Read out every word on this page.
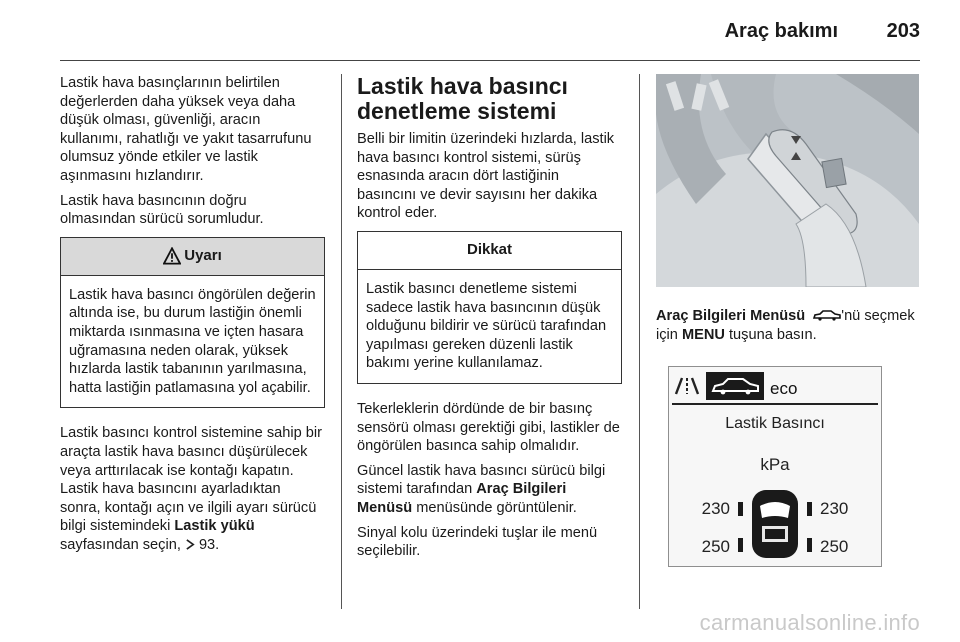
Araç bakımı 203

Lastik hava basınçlarının belirtilen değerlerden daha yüksek veya daha düşük olması, güvenliği, aracın kullanımı, rahatlığı ve yakıt tasarrufunu olumsuz yönde etkiler ve lastik aşınmasını hızlandırır.

Lastik hava basıncının doğru olmasından sürücü sorumludur.

Uyarı
Lastik hava basıncı öngörülen değerin altında ise, bu durum lastiğin önemli miktarda ısınmasına ve içten hasara uğramasına neden olarak, yüksek hızlarda lastik tabanının yarılmasına, hatta lastiğin patlamasına yol açabilir.

Lastik basıncı kontrol sistemine sahip bir araçta lastik hava basıncı düşürülecek veya arttırılacak ise kontağı kapatın. Lastik hava basıncını ayarladıktan sonra, kontağı açın ve ilgili ayarı sürücü bilgi sistemindeki Lastik yükü sayfasından seçin, 93.

Lastik hava basıncı denetleme sistemi

Belli bir limitin üzerindeki hızlarda, lastik hava basıncı kontrol sistemi, sürüş esnasında aracın dört lastiğinin basıncını ve devir sayısını her dakika kontrol eder.

Dikkat
Lastik basıncı denetleme sistemi sadece lastik hava basıncının düşük olduğunu bildirir ve sürücü tarafından yapılması gereken düzenli lastik bakımı yerine kullanılamaz.

Tekerleklerin dördünde de bir basınç sensörü olması gerektiği gibi, lastikler de öngörülen basınca sahip olmalıdır.

Güncel lastik hava basıncı sürücü bilgi sistemi tarafından Araç Bilgileri Menüsü menüsünde görüntülenir.

Sinyal kolu üzerindeki tuşlar ile menü seçilebilir.

Araç Bilgileri Menüsü 'nü seçmek için MENU tuşuna basın.

eco
Lastik Basıncı
kPa
230	230
250	250
carmanualsonline.info
